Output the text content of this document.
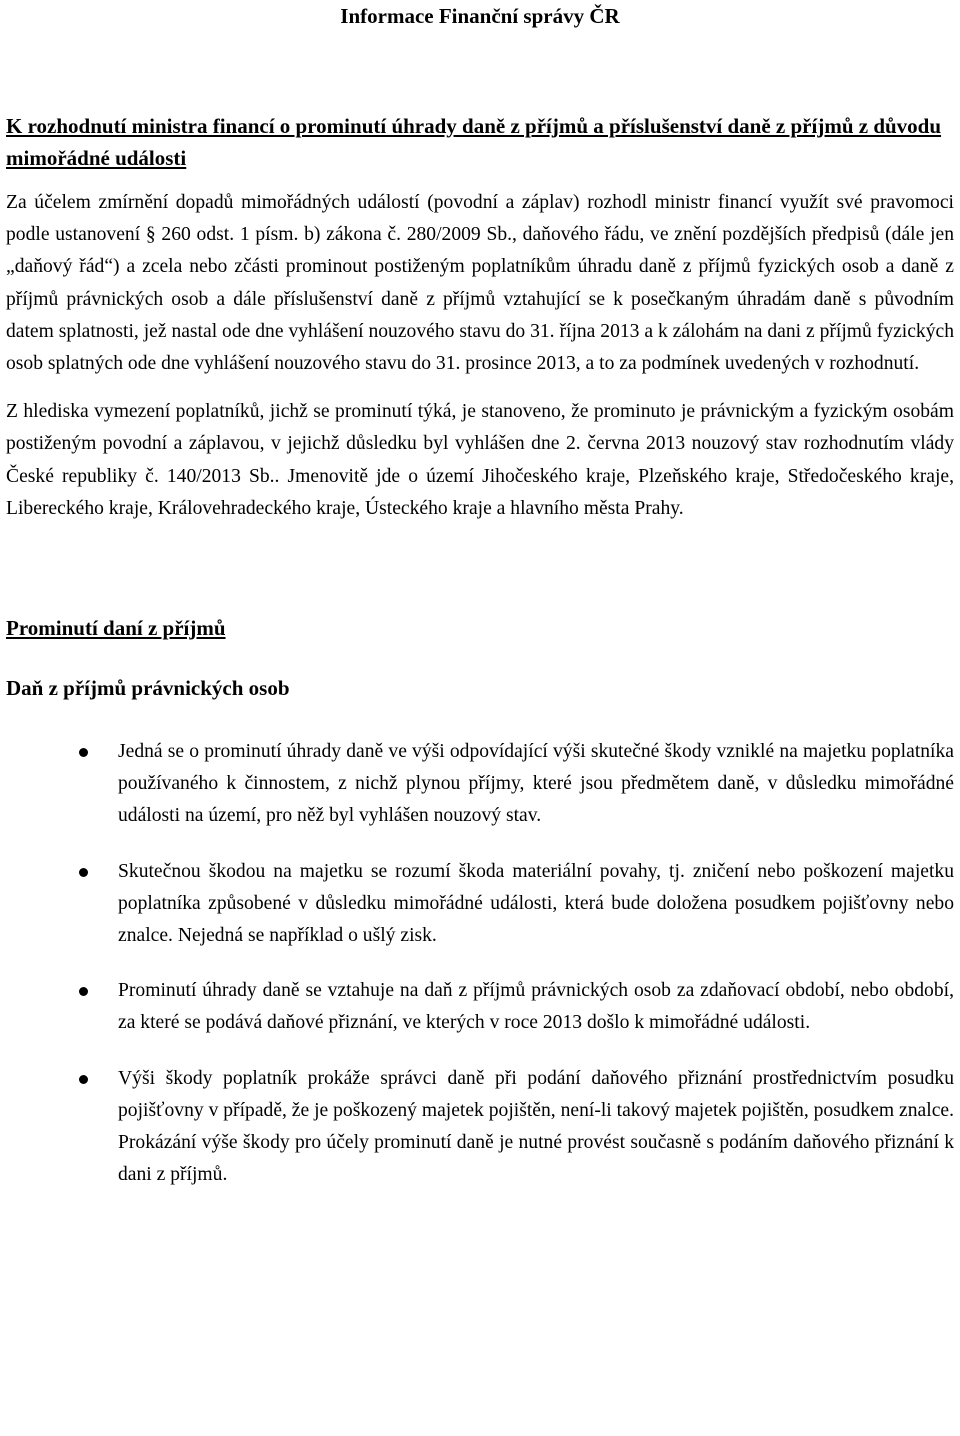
Informace Finanční správy ČR
K rozhodnutí ministra financí o prominutí úhrady daně z příjmů a příslušenství daně z příjmů z důvodu mimořádné události

Za účelem zmírnění dopadů mimořádných událostí (povodní a záplav) rozhodl ministr financí využít své pravomoci podle ustanovení § 260 odst. 1 písm. b) zákona č. 280/2009 Sb., daňového řádu, ve znění pozdějších předpisů (dále jen „daňový řád“) a zcela nebo zčásti prominout postiženým poplatníkům úhradu daně z příjmů fyzických osob a daně z příjmů právnických osob a dále příslušenství daně z příjmů vztahující se k posečkaným úhradám daně s původním datem splatnosti, jež nastal ode dne vyhlášení nouzového stavu do 31. října 2013 a k zálohám na dani z příjmů fyzických osob splatných ode dne vyhlášení nouzového stavu do 31. prosince 2013, a to za podmínek uvedených v rozhodnutí.

Z hlediska vymezení poplatníků, jichž se prominutí týká, je stanoveno, že prominuto je právnickým a fyzickým osobám postiženým povodní a záplavou, v jejichž důsledku byl vyhlášen dne 2. června 2013 nouzový stav rozhodnutím vlády České republiky č. 140/2013 Sb.. Jmenovitě jde o území Jihočeského kraje, Plzeňského kraje, Středočeského kraje, Libereckého kraje, Královehradeckého kraje, Ústeckého kraje a hlavního města Prahy.

Prominutí daní z příjmů
Daň z příjmů právnických osob
Jedná se o prominutí úhrady daně ve výši odpovídající výši skutečné škody vzniklé na majetku poplatníka používaného k činnostem, z nichž plynou příjmy, které jsou předmětem daně, v důsledku mimořádné události na území, pro něž byl vyhlášen nouzový stav.
Skutečnou škodou na majetku se rozumí škoda materiální povahy, tj. zničení nebo poškození majetku poplatníka způsobené v důsledku mimořádné události, která bude doložena posudkem pojišťovny nebo znalce. Nejedná se například o ušlý zisk.
Prominutí úhrady daně se vztahuje na daň z příjmů právnických osob za zdaňovací období, nebo období, za které se podává daňové přiznání, ve kterých v roce 2013 došlo k mimořádné události.
Výši škody poplatník prokáže správci daně při podání daňového přiznání prostřednictvím posudku pojišťovny v případě, že je poškozený majetek pojištěn, není-li takový majetek pojištěn, posudkem znalce. Prokázání výše škody pro účely prominutí daně je nutné provést současně s podáním daňového přiznání k dani z příjmů.
